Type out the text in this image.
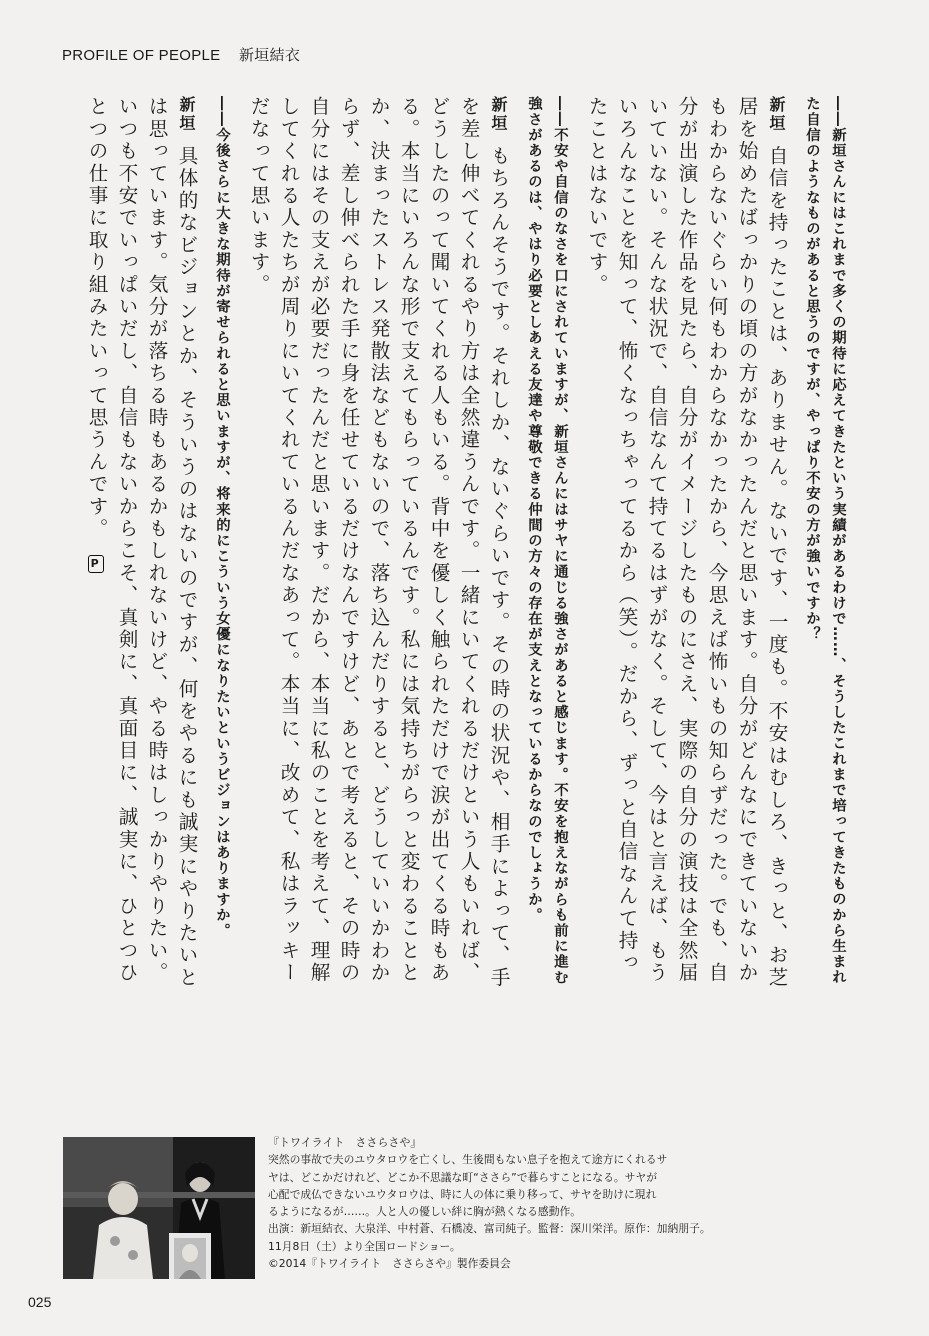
PROFILE OF PEOPLE 新垣結衣

――新垣さんにはこれまで多くの期待に応えてきたという実績があるわけで……、そうしたこれまで培ってきたものから生まれた自信のようなものがあると思うのですが、やっぱり不安の方が強いですか？

新垣自信を持ったことは、ありません。ないです、一度も。不安はむしろ、きっと、お芝居を始めたばっかりの頃の方がなかったんだと思います。自分がどんなにできていないかもわからないぐらい何もわからなかったから、今思えば怖いもの知らずだった。でも、自分が出演した作品を見たら、自分がイメージしたものにさえ、実際の自分の演技は全然届いていない。そんな状況で、自信なんて持てるはずがなく。そして、今はと言えば、もういろんなことを知って、怖くなっちゃってるから（笑）。だから、ずっと自信なんて持ったことはないです。

――不安や自信のなさを口にされていますが、新垣さんにはサヤに通じる強さがあると感じます。不安を抱えながらも前に進む強さがあるのは、やはり必要としあえる友達や尊敬できる仲間の方々の存在が支えとなっているからなのでしょうか。

新垣もちろんそうです。それしか、ないぐらいです。その時の状況や、相手によって、手を差し伸べてくれるやり方は全然違うんです。一緒にいてくれるだけという人もいれば、どうしたのって聞いてくれる人もいる。背中を優しく触られただけで涙が出てくる時もある。本当にいろんな形で支えてもらっているんです。私には気持ちがらっと変わることとか、決まったストレス発散法などもないので、落ち込んだりすると、どうしていいかわからず、差し伸べられた手に身を任せているだけなんですけど、あとで考えると、その時の自分にはその支えが必要だったんだと思います。だから、本当に私のことを考えて、理解してくれる人たちが周りにいてくれているんだなあって。本当に、改めて、私はラッキーだなって思います。

――今後さらに大きな期待が寄せられると思いますが、将来的にこういう女優になりたいというビジョンはありますか。

新垣具体的なビジョンとか、そういうのはないのですが、何をやるにも誠実にやりたいとは思っています。気分が落ちる時もあるかもしれないけど、やる時はしっかりやりたい。いつも不安でいっぱいだし、自信もないからこそ、真剣に、真面目に、誠実に、ひとつひとつの仕事に取り組みたいって思うんです。 P

『トワイライト　ささらさや』
突然の事故で夫のユウタロウを亡くし、生後間もない息子を抱えて途方にくれるサ
ヤは、どこかだけれど、どこか不思議な町“ささら”で暮らすことになる。サヤが
心配で成仏できないユウタロウは、時に人の体に乗り移って、サヤを助けに現れ
るようになるが……。人と人の優しい絆に胸が熱くなる感動作。
出演：新垣結衣、大泉洋、中村蒼、石橋凌、富司純子。監督：深川栄洋。原作：加納朋子。
11月8日（土）より全国ロードショー。
©2014『トワイライト　ささらさや』製作委員会
025
